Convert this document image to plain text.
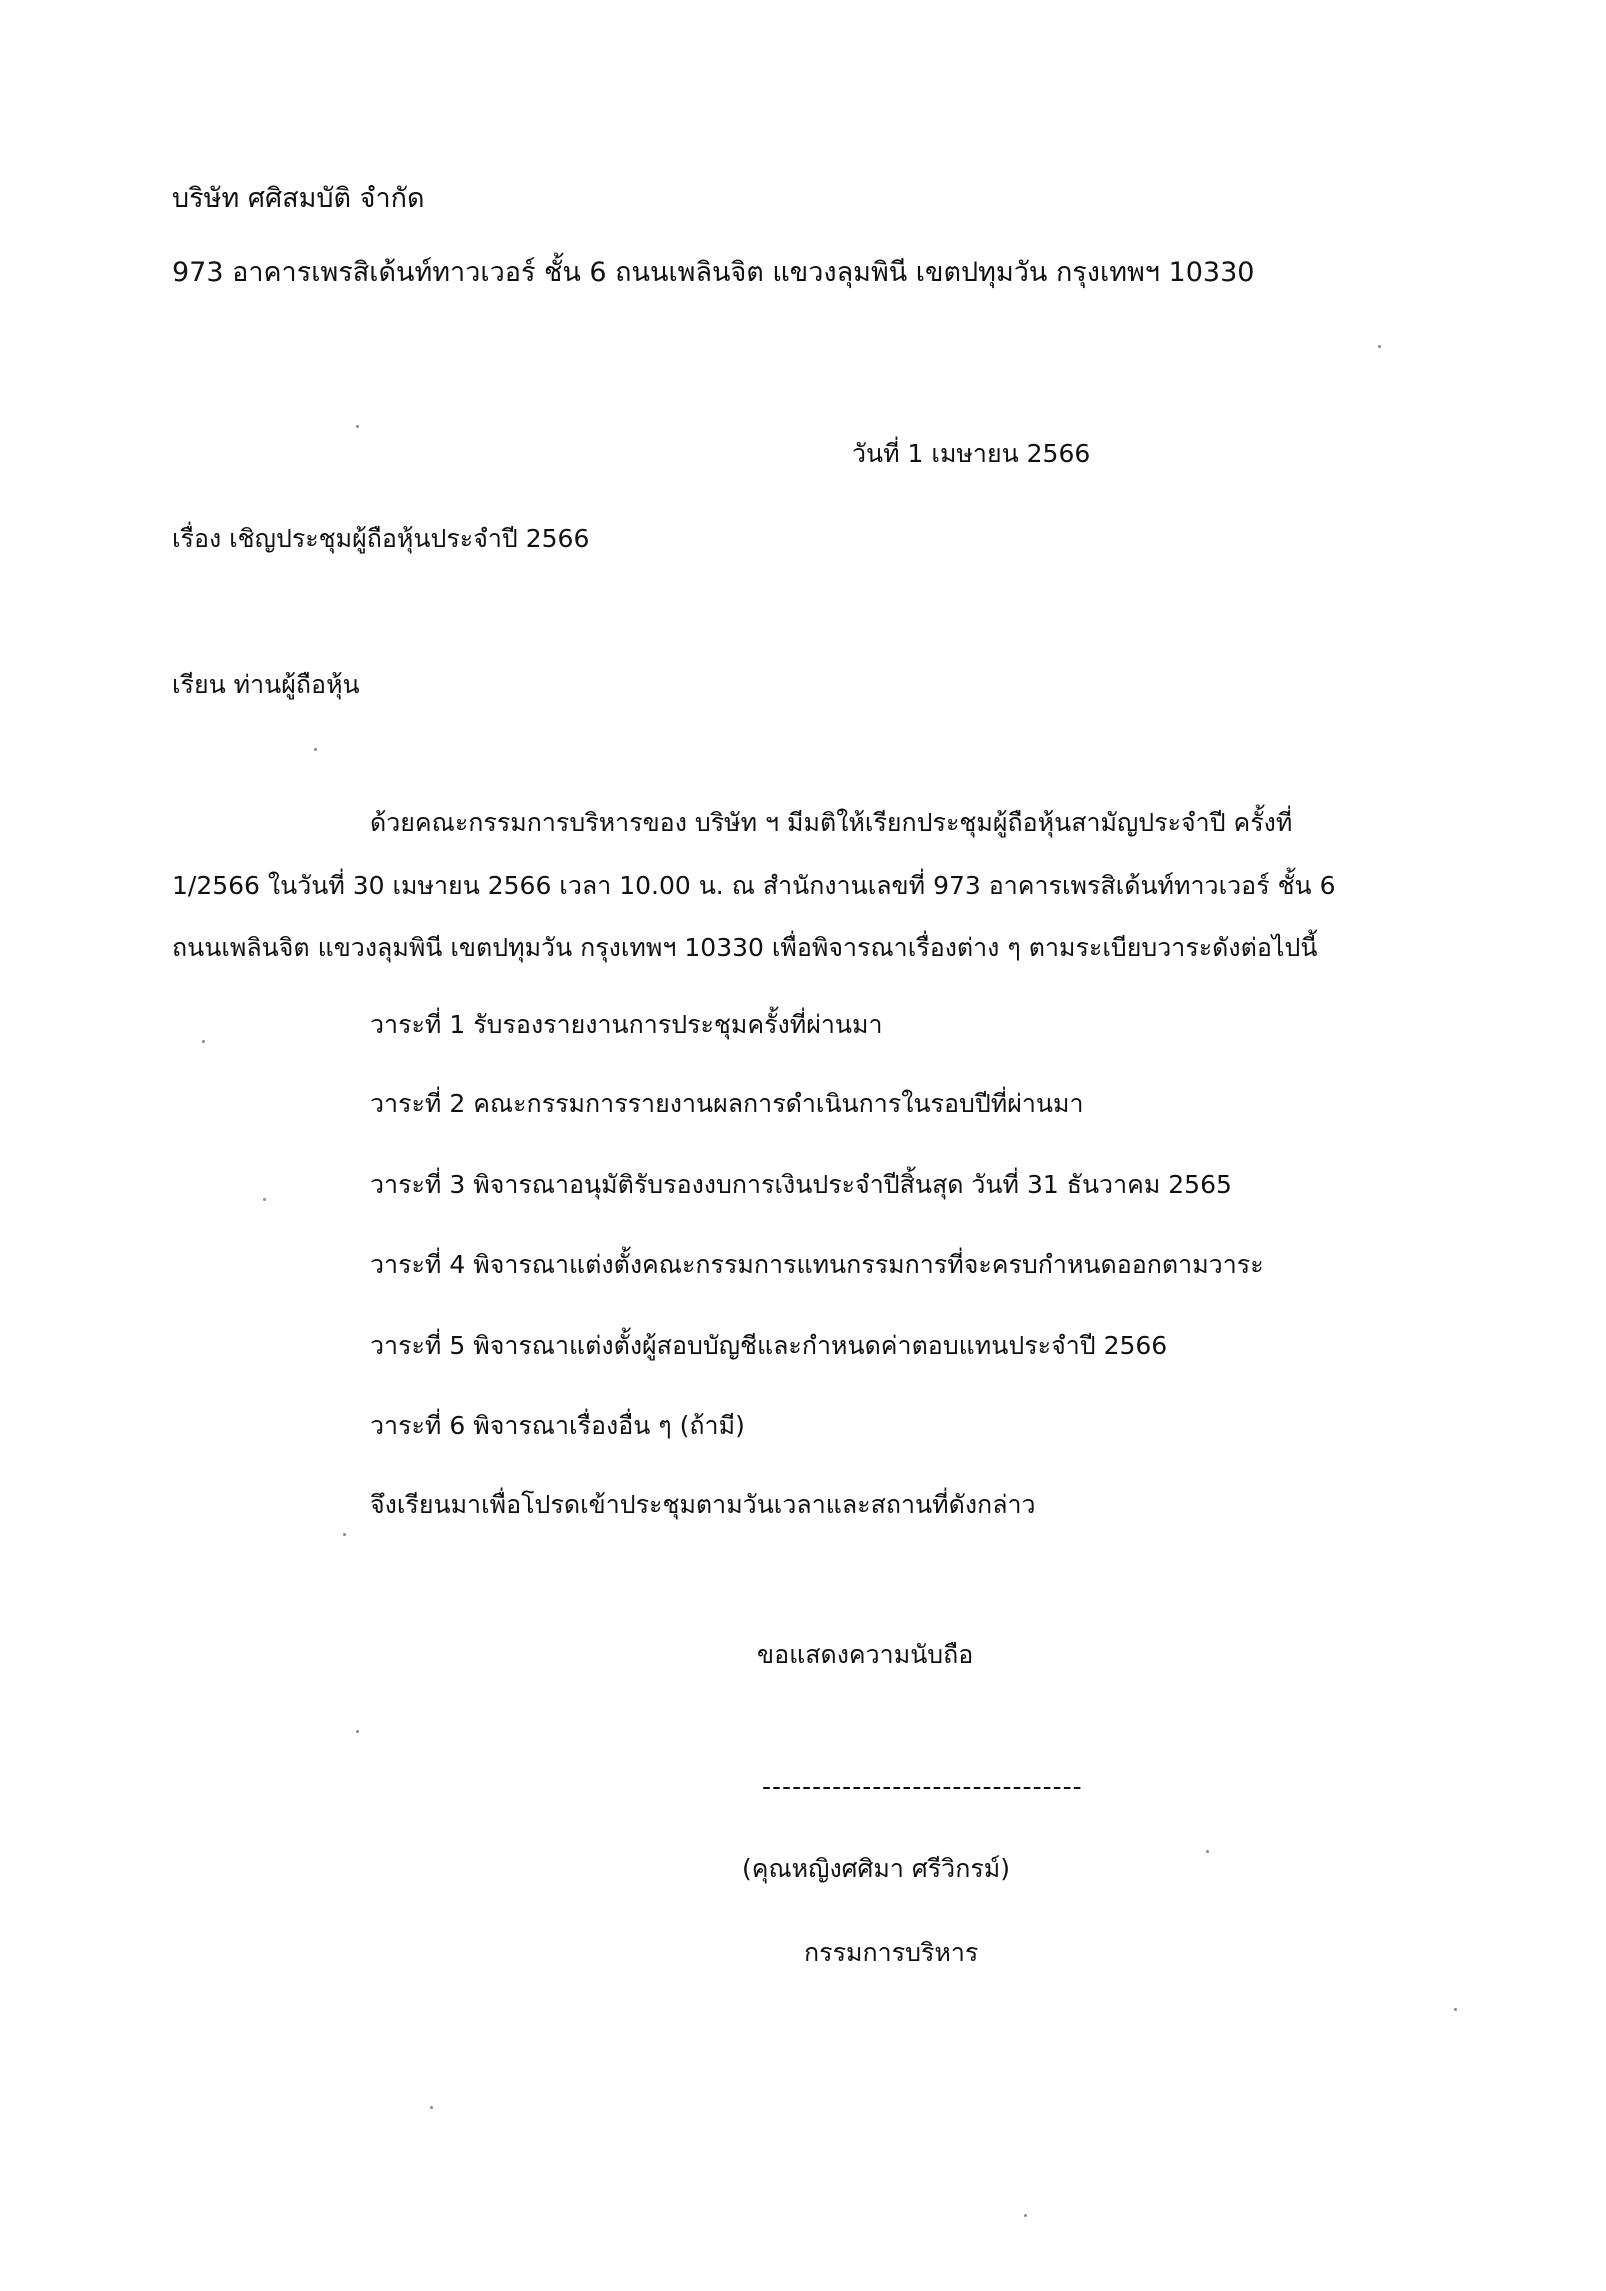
บริษัท ศศิสมบัติ จำกัด
973 อาคารเพรสิเด้นท์ทาวเวอร์ ชั้น 6 ถนนเพลินจิต แขวงลุมพินี เขตปทุมวัน กรุงเทพฯ 10330
วันที่ 1 เมษายน 2566
เรื่อง เชิญประชุมผู้ถือหุ้นประจำปี 2566
เรียน ท่านผู้ถือหุ้น
ด้วยคณะกรรมการบริหารของ บริษัท ฯ มีมติให้เรียกประชุมผู้ถือหุ้นสามัญประจำปี ครั้งที่
1/2566 ในวันที่ 30 เมษายน 2566 เวลา 10.00 น. ณ สำนักงานเลขที่ 973 อาคารเพรสิเด้นท์ทาวเวอร์ ชั้น 6
ถนนเพลินจิต แขวงลุมพินี เขตปทุมวัน กรุงเทพฯ 10330 เพื่อพิจารณาเรื่องต่าง ๆ ตามระเบียบวาระดังต่อไปนี้
วาระที่ 1 รับรองรายงานการประชุมครั้งที่ผ่านมา
วาระที่ 2 คณะกรรมการรายงานผลการดำเนินการในรอบปีที่ผ่านมา
วาระที่ 3 พิจารณาอนุมัติรับรองงบการเงินประจำปีสิ้นสุด วันที่ 31 ธันวาคม 2565
วาระที่ 4 พิจารณาแต่งตั้งคณะกรรมการแทนกรรมการที่จะครบกำหนดออกตามวาระ
วาระที่ 5 พิจารณาแต่งตั้งผู้สอบบัญชีและกำหนดค่าตอบแทนประจำปี 2566
วาระที่ 6 พิจารณาเรื่องอื่น ๆ (ถ้ามี)
จึงเรียนมาเพื่อโปรดเข้าประชุมตามวันเวลาและสถานที่ดังกล่าว
ขอแสดงความนับถือ
--------------------------------
(คุณหญิงศศิมา ศรีวิกรม์)
กรรมการบริหาร
